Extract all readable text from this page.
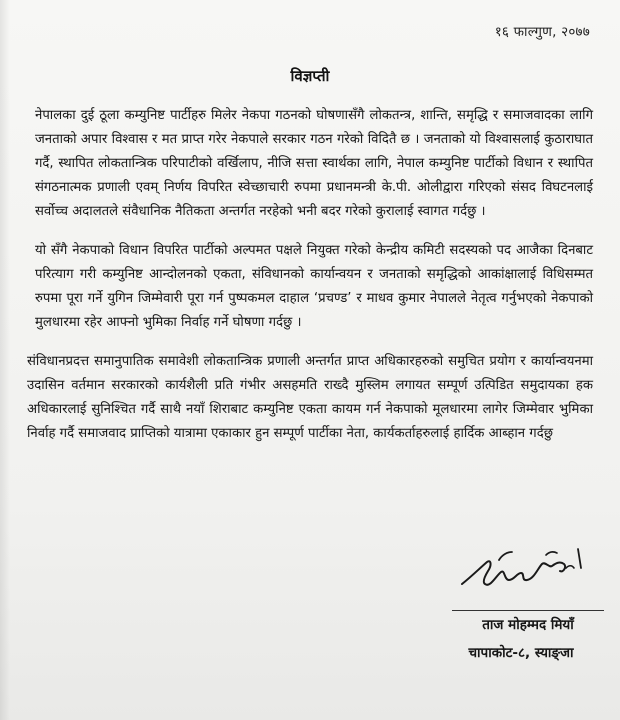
१६ फाल्गुण, २०७७
विज्ञप्ती

नेपालका दुई ठूला कम्युनिष्ट पार्टीहरु मिलेर नेकपा गठनको घोषणासँगै लोकतन्त्र, शान्ति, समृद्धि र समाजवादका लागि जनताको अपार विश्वास र मत प्राप्त गरेर नेकपाले सरकार गठन गरेको विदितै छ । जनताको यो विश्वासलाई कुठाराघात गर्दै, स्थापित लोकतान्त्रिक परिपाटीको वर्खिलाप, नीजि सत्ता स्वार्थका लागि, नेपाल कम्युनिष्ट पार्टीको विधान र स्थापित संगठनात्मक प्रणाली एवम् निर्णय विपरित स्वेच्छाचारी रुपमा प्रधानमन्त्री के.पी. ओलीद्वारा गरिएको संसद विघटनलाई सर्वोच्च अदालतले संवैधानिक नैतिकता अन्तर्गत नरहेको भनी बदर गरेको कुरालाई स्वागत गर्दछु ।

यो सँगै नेकपाको विधान विपरित पार्टीको अल्पमत पक्षले नियुक्त गरेको केन्द्रीय कमिटी सदस्यको पद आजैका दिनबाट परित्याग गरी कम्युनिष्ट आन्दोलनको एकता, संविधानको कार्यान्वयन र जनताको समृद्धिको आकांक्षालाई विधिसम्मत रुपमा पूरा गर्ने युगिन जिम्मेवारी पूरा गर्न पुष्पकमल दाहाल ‘प्रचण्ड’ र माधव कुमार नेपालले नेतृत्व गर्नुभएको नेकपाको मुलधारमा रहेर आफ्नो भुमिका निर्वाह गर्ने घोषणा गर्दछु ।

संविधानप्रदत्त समानुपातिक समावेशी लोकतान्त्रिक प्रणाली अन्तर्गत प्राप्त अधिकारहरुको समुचित प्रयोग र कार्यान्वयनमा उदासिन वर्तमान सरकारको कार्यशैली प्रति गंभीर असहमति राख्दै मुस्लिम लगायत सम्पूर्ण उत्पिडित समुदायका हक अधिकारलाई सुनिश्चित गर्दै साथै नयाँ शिराबाट कम्युनिष्ट एकता कायम गर्न नेकपाको मूलधारमा लागेर जिम्मेवार भुमिका निर्वाह गर्दै समाजवाद प्राप्तिको यात्रामा एकाकार हुन सम्पूर्ण पार्टीका नेता, कार्यकर्ताहरुलाई हार्दिक आब्हान गर्दछु

ताज मोहम्मद मियाँ
चापाकोट-८, स्याङ्जा
